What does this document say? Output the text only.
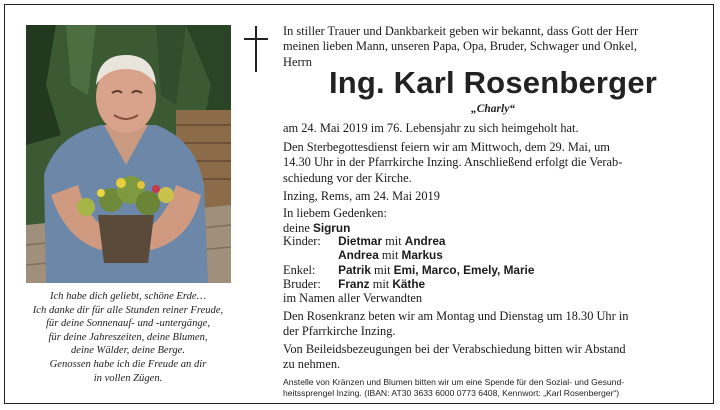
Ich habe dich geliebt, schöne Erde…
Ich danke dir für alle Stunden reiner Freude,
für deine Sonnenauf- und -untergänge,
für deine Jahreszeiten, deine Blumen,
deine Wälder, deine Berge.
Genossen habe ich die Freude an dir
in vollen Zügen.
In stiller Trauer und Dankbarkeit geben wir bekannt, dass Gott der Herr
meinen lieben Mann, unseren Papa, Opa, Bruder, Schwager und Onkel,
Herrn
Ing. Karl Rosenberger
„Charly“
am 24. Mai 2019 im 76. Lebensjahr zu sich heimgeholt hat.
Den Sterbegottesdienst feiern wir am Mittwoch, dem 29. Mai, um
14.30 Uhr in der Pfarrkirche Inzing. Anschließend erfolgt die Verab-
schiedung vor der Kirche.
Inzing, Rems, am 24. Mai 2019
In liebem Gedenken:
deine Sigrun
Kinder: Dietmar mit Andrea
Andrea mit Markus
Enkel: Patrik mit Emi, Marco, Emely, Marie
Bruder: Franz mit Käthe
im Namen aller Verwandten
Den Rosenkranz beten wir am Montag und Dienstag um 18.30 Uhr in
der Pfarrkirche Inzing.
Von Beileidsbezeugungen bei der Verabschiedung bitten wir Abstand
zu nehmen.
Anstelle von Kränzen und Blumen bitten wir um eine Spende für den Sozial- und Gesund-
heitssprengel Inzing. (IBAN: AT30 3633 6000 0773 6408, Kennwort: „Karl Rosenberger“)
